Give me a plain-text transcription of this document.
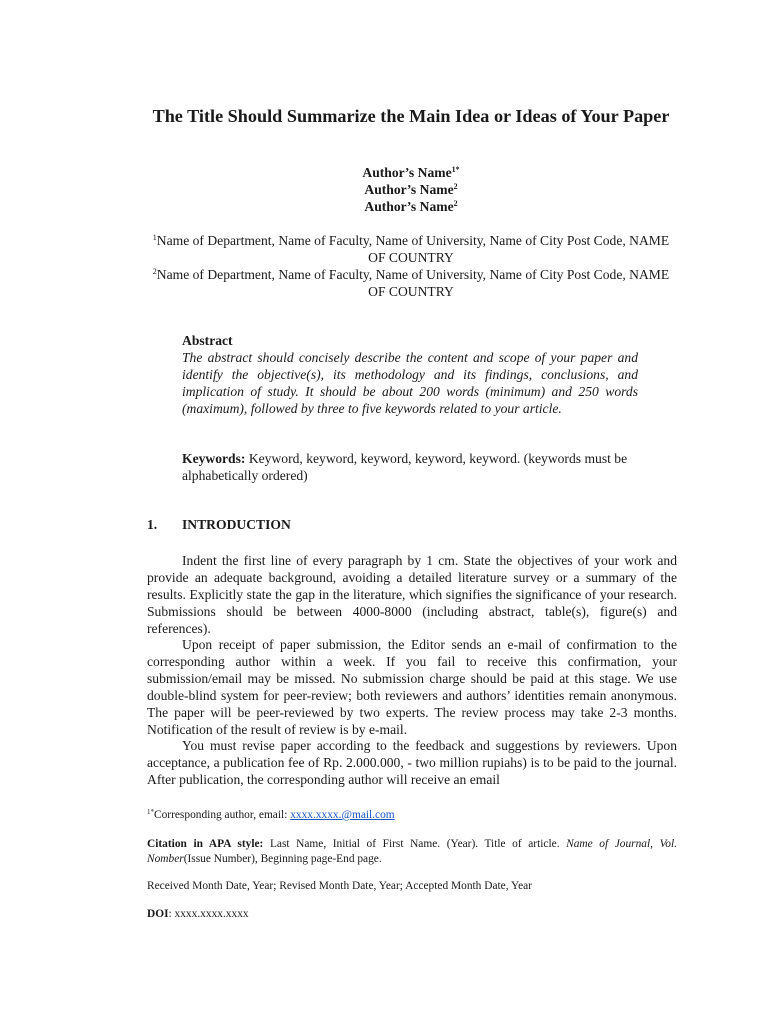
The Title Should Summarize the Main Idea or Ideas of Your Paper
Author’s Name$^{1*}$
Author’s Name$^2$
Author’s Name$^2$
$^1$Name of Department, Name of Faculty, Name of University, Name of City Post Code, NAME OF COUNTRY
$^2$Name of Department, Name of Faculty, Name of University, Name of City Post Code, NAME OF COUNTRY
Abstract
The abstract should concisely describe the content and scope of your paper and identify the objective(s), its methodology and its findings, conclusions, and implication of study. It should be about 200 words (minimum) and 250 words (maximum), followed by three to five keywords related to your article.
Keywords: Keyword, keyword, keyword, keyword, keyword. (keywords must be alphabetically ordered)
1. INTRODUCTION

Indent the first line of every paragraph by 1 cm. State the objectives of your work and provide an adequate background, avoiding a detailed literature survey or a summary of the results. Explicitly state the gap in the literature, which signifies the significance of your research. Submissions should be between 4000-8000 (including abstract, table(s), figure(s) and references).

Upon receipt of paper submission, the Editor sends an e-mail of confirmation to the corresponding author within a week. If you fail to receive this confirmation, your submission/email may be missed. No submission charge should be paid at this stage. We use double-blind system for peer-review; both reviewers and authors’ identities remain anonymous. The paper will be peer-reviewed by two experts. The review process may take 2-3 months. Notification of the result of review is by e-mail.

You must revise paper according to the feedback and suggestions by reviewers. Upon acceptance, a publication fee of Rp. 2.000.000, - two million rupiahs) is to be paid to the journal. After publication, the corresponding author will receive an email

$^{1*}$Corresponding author, email: xxxx.xxxx.@mail.com
Citation in APA style: Last Name, Initial of First Name. (Year). Title of article. Name of Journal, Vol. Nomber(Issue Number), Beginning page-End page.
Received Month Date, Year; Revised Month Date, Year; Accepted Month Date, Year
DOI: xxxx.xxxx.xxxx
